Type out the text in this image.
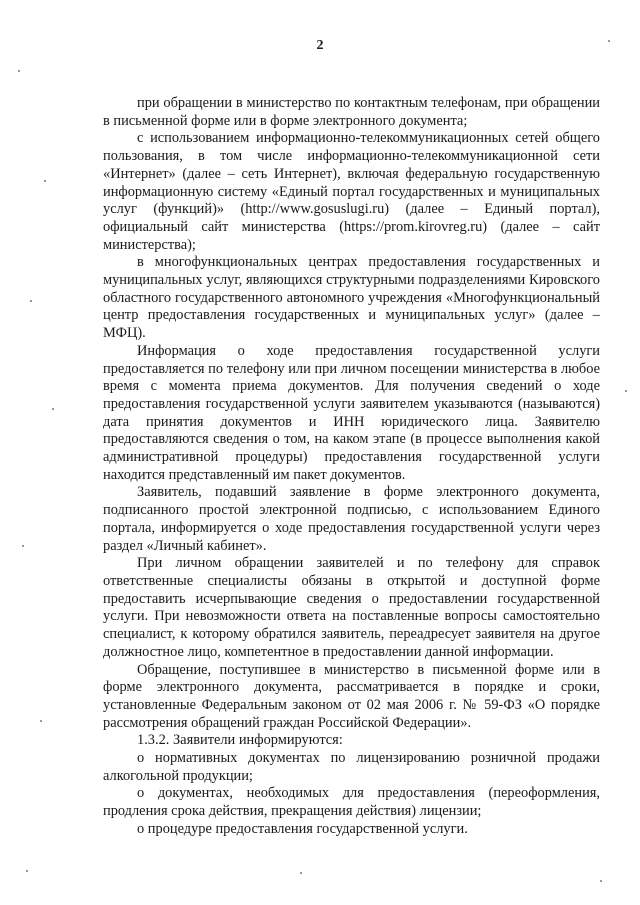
2

при обращении в министерство по контактным телефонам, при обращении в письменной форме или в форме электронного документа;

с использованием информационно-телекоммуникационных сетей общего пользования, в том числе информационно-телекоммуникационной сети «Интернет» (далее – сеть Интернет), включая федеральную государственную информационную систему «Единый портал государственных и муниципальных услуг (функций)» (http://www.gosuslugi.ru) (далее – Единый портал), официальный сайт министерства (https://prom.kirovreg.ru) (далее – сайт министерства);

в многофункциональных центрах предоставления государственных и муниципальных услуг, являющихся структурными подразделениями Кировского областного государственного автономного учреждения «Многофункциональный центр предоставления государственных и муниципальных услуг» (далее – МФЦ).

Информация о ходе предоставления государственной услуги предоставляется по телефону или при личном посещении министерства в любое время с момента приема документов. Для получения сведений о ходе предоставления государственной услуги заявителем указываются (называются) дата принятия документов и ИНН юридического лица. Заявителю предоставляются сведения о том, на каком этапе (в процессе выполнения какой административной процедуры) предоставления государственной услуги находится представленный им пакет документов.

Заявитель, подавший заявление в форме электронного документа, подписанного простой электронной подписью, с использованием Единого портала, информируется о ходе предоставления государственной услуги через раздел «Личный кабинет».

При личном обращении заявителей и по телефону для справок ответственные специалисты обязаны в открытой и доступной форме предоставить исчерпывающие сведения о предоставлении государственной услуги. При невозможности ответа на поставленные вопросы самостоятельно специалист, к которому обратился заявитель, переадресует заявителя на другое должностное лицо, компетентное в предоставлении данной информации.

Обращение, поступившее в министерство в письменной форме или в форме электронного документа, рассматривается в порядке и сроки, установленные Федеральным законом от 02 мая 2006 г. № 59-ФЗ «О порядке рассмотрения обращений граждан Российской Федерации».

1.3.2. Заявители информируются:

о нормативных документах по лицензированию розничной продажи алкогольной продукции;

о документах, необходимых для предоставления (переоформления, продления срока действия, прекращения действия) лицензии;

о процедуре предоставления государственной услуги.
